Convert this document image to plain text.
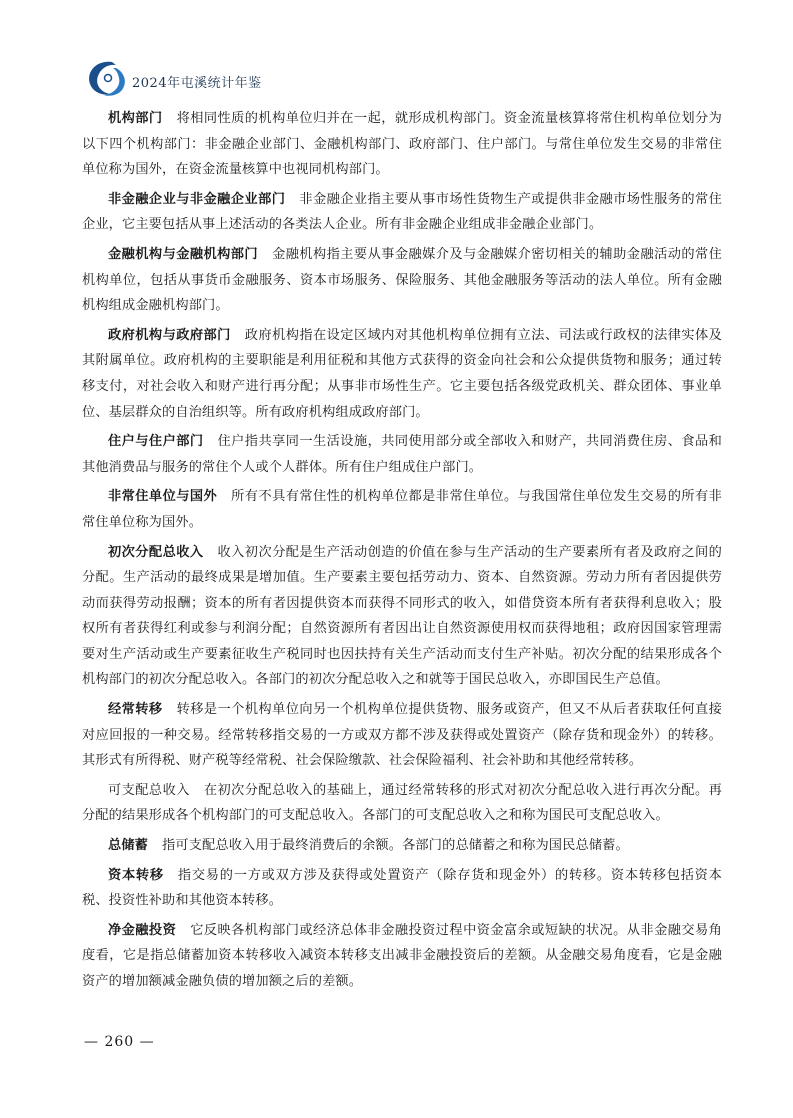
2024年屯溪统计年鉴

机构部门 将相同性质的机构单位归并在一起，就形成机构部门。资金流量核算将常住机构单位划分为以下四个机构部门：非金融企业部门、金融机构部门、政府部门、住户部门。与常住单位发生交易的非常住单位称为国外，在资金流量核算中也视同机构部门。

非金融企业与非金融企业部门 非金融企业指主要从事市场性货物生产或提供非金融市场性服务的常住企业，它主要包括从事上述活动的各类法人企业。所有非金融企业组成非金融企业部门。

金融机构与金融机构部门 金融机构指主要从事金融媒介及与金融媒介密切相关的辅助金融活动的常住机构单位，包括从事货币金融服务、资本市场服务、保险服务、其他金融服务等活动的法人单位。所有金融机构组成金融机构部门。

政府机构与政府部门 政府机构指在设定区域内对其他机构单位拥有立法、司法或行政权的法律实体及其附属单位。政府机构的主要职能是利用征税和其他方式获得的资金向社会和公众提供货物和服务；通过转移支付，对社会收入和财产进行再分配；从事非市场性生产。它主要包括各级党政机关、群众团体、事业单位、基层群众的自治组织等。所有政府机构组成政府部门。

住户与住户部门 住户指共享同一生活设施，共同使用部分或全部收入和财产，共同消费住房、食品和其他消费品与服务的常住个人或个人群体。所有住户组成住户部门。

非常住单位与国外 所有不具有常住性的机构单位都是非常住单位。与我国常住单位发生交易的所有非常住单位称为国外。

初次分配总收入 收入初次分配是生产活动创造的价值在参与生产活动的生产要素所有者及政府之间的分配。生产活动的最终成果是增加值。生产要素主要包括劳动力、资本、自然资源。劳动力所有者因提供劳动而获得劳动报酬；资本的所有者因提供资本而获得不同形式的收入，如借贷资本所有者获得利息收入；股权所有者获得红利或参与利润分配；自然资源所有者因出让自然资源使用权而获得地租；政府因国家管理需要对生产活动或生产要素征收生产税同时也因扶持有关生产活动而支付生产补贴。初次分配的结果形成各个机构部门的初次分配总收入。各部门的初次分配总收入之和就等于国民总收入，亦即国民生产总值。

经常转移 转移是一个机构单位向另一个机构单位提供货物、服务或资产，但又不从后者获取任何直接对应回报的一种交易。经常转移指交易的一方或双方都不涉及获得或处置资产（除存货和现金外）的转移。其形式有所得税、财产税等经常税、社会保险缴款、社会保险福利、社会补助和其他经常转移。

可支配总收入 在初次分配总收入的基础上，通过经常转移的形式对初次分配总收入进行再次分配。再分配的结果形成各个机构部门的可支配总收入。各部门的可支配总收入之和称为国民可支配总收入。

总储蓄 指可支配总收入用于最终消费后的余额。各部门的总储蓄之和称为国民总储蓄。

资本转移 指交易的一方或双方涉及获得或处置资产（除存货和现金外）的转移。资本转移包括资本税、投资性补助和其他资本转移。

净金融投资 它反映各机构部门或经济总体非金融投资过程中资金富余或短缺的状况。从非金融交易角度看，它是指总储蓄加资本转移收入减资本转移支出减非金融投资后的差额。从金融交易角度看，它是金融资产的增加额减金融负债的增加额之后的差额。

— 260 —
